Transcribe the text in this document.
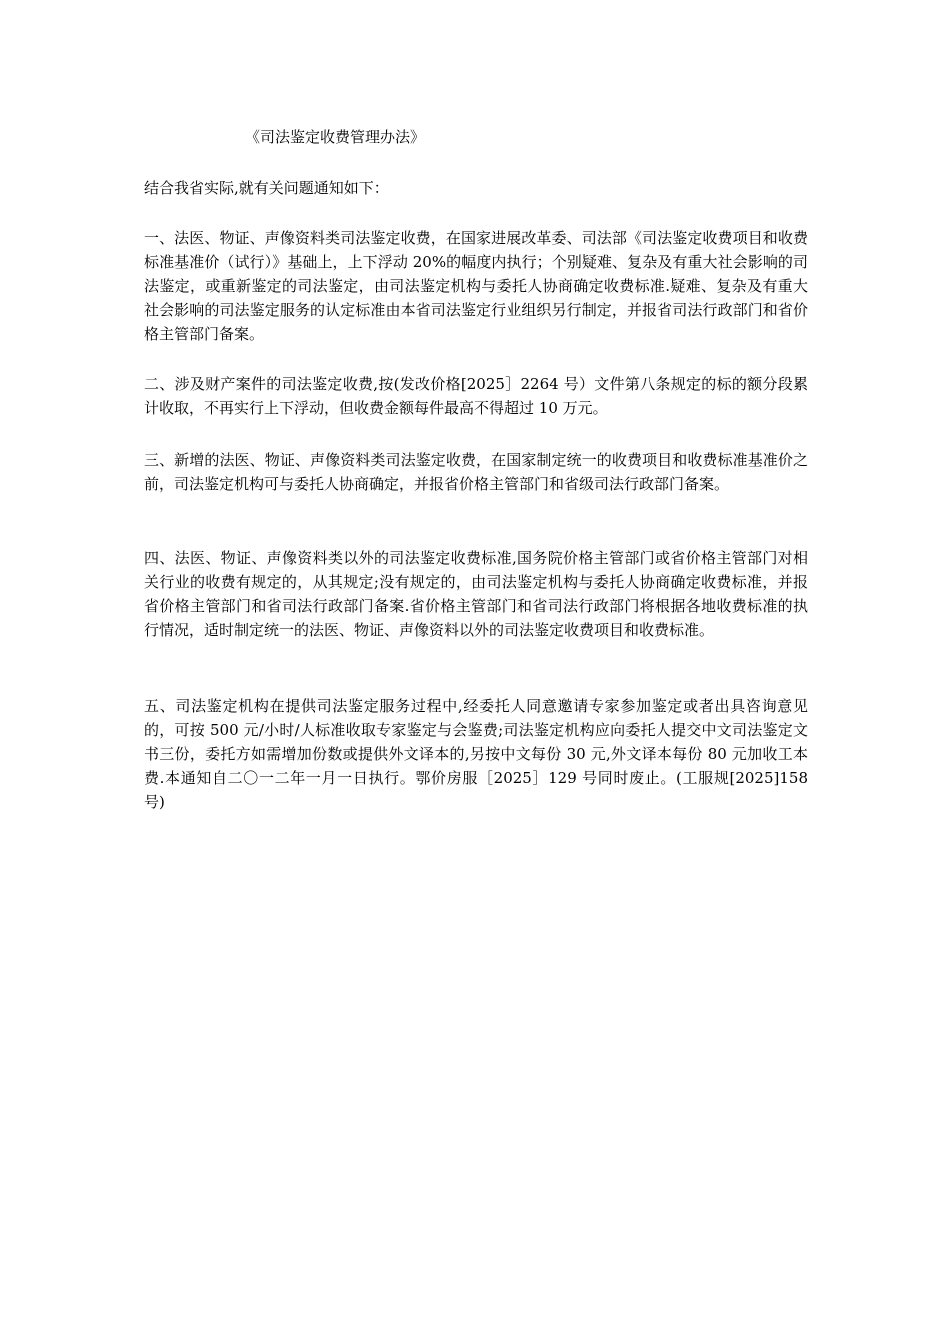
《司法鉴定收费管理办法》
结合我省实际,就有关问题通知如下：
一、法医、物证、声像资料类司法鉴定收费，在国家进展改革委、司法部《司法鉴定收费项目和收费标准基准价（试行）》基础上，上下浮动 20%的幅度内执行；个别疑难、复杂及有重大社会影响的司法鉴定，或重新鉴定的司法鉴定，由司法鉴定机构与委托人协商确定收费标准.疑难、复杂及有重大社会影响的司法鉴定服务的认定标准由本省司法鉴定行业组织另行制定，并报省司法行政部门和省价格主管部门备案。
二、涉及财产案件的司法鉴定收费,按(发改价格[2025］2264 号）文件第八条规定的标的额分段累计收取，不再实行上下浮动，但收费金额每件最高不得超过 10 万元。
三、新增的法医、物证、声像资料类司法鉴定收费，在国家制定统一的收费项目和收费标准基准价之前，司法鉴定机构可与委托人协商确定，并报省价格主管部门和省级司法行政部门备案。
四、法医、物证、声像资料类以外的司法鉴定收费标准,国务院价格主管部门或省价格主管部门对相关行业的收费有规定的，从其规定;没有规定的，由司法鉴定机构与委托人协商确定收费标准，并报省价格主管部门和省司法行政部门备案.省价格主管部门和省司法行政部门将根据各地收费标准的执行情况，适时制定统一的法医、物证、声像资料以外的司法鉴定收费项目和收费标准。
五、司法鉴定机构在提供司法鉴定服务过程中,经委托人同意邀请专家参加鉴定或者出具咨询意见的，可按 500 元/小时/人标准收取专家鉴定与会鉴费;司法鉴定机构应向委托人提交中文司法鉴定文书三份，委托方如需增加份数或提供外文译本的,另按中文每份 30 元,外文译本每份 80 元加收工本费.本通知自二〇一二年一月一日执行。鄂价房服［2025］129 号同时废止。(工服规[2025]158 号)
